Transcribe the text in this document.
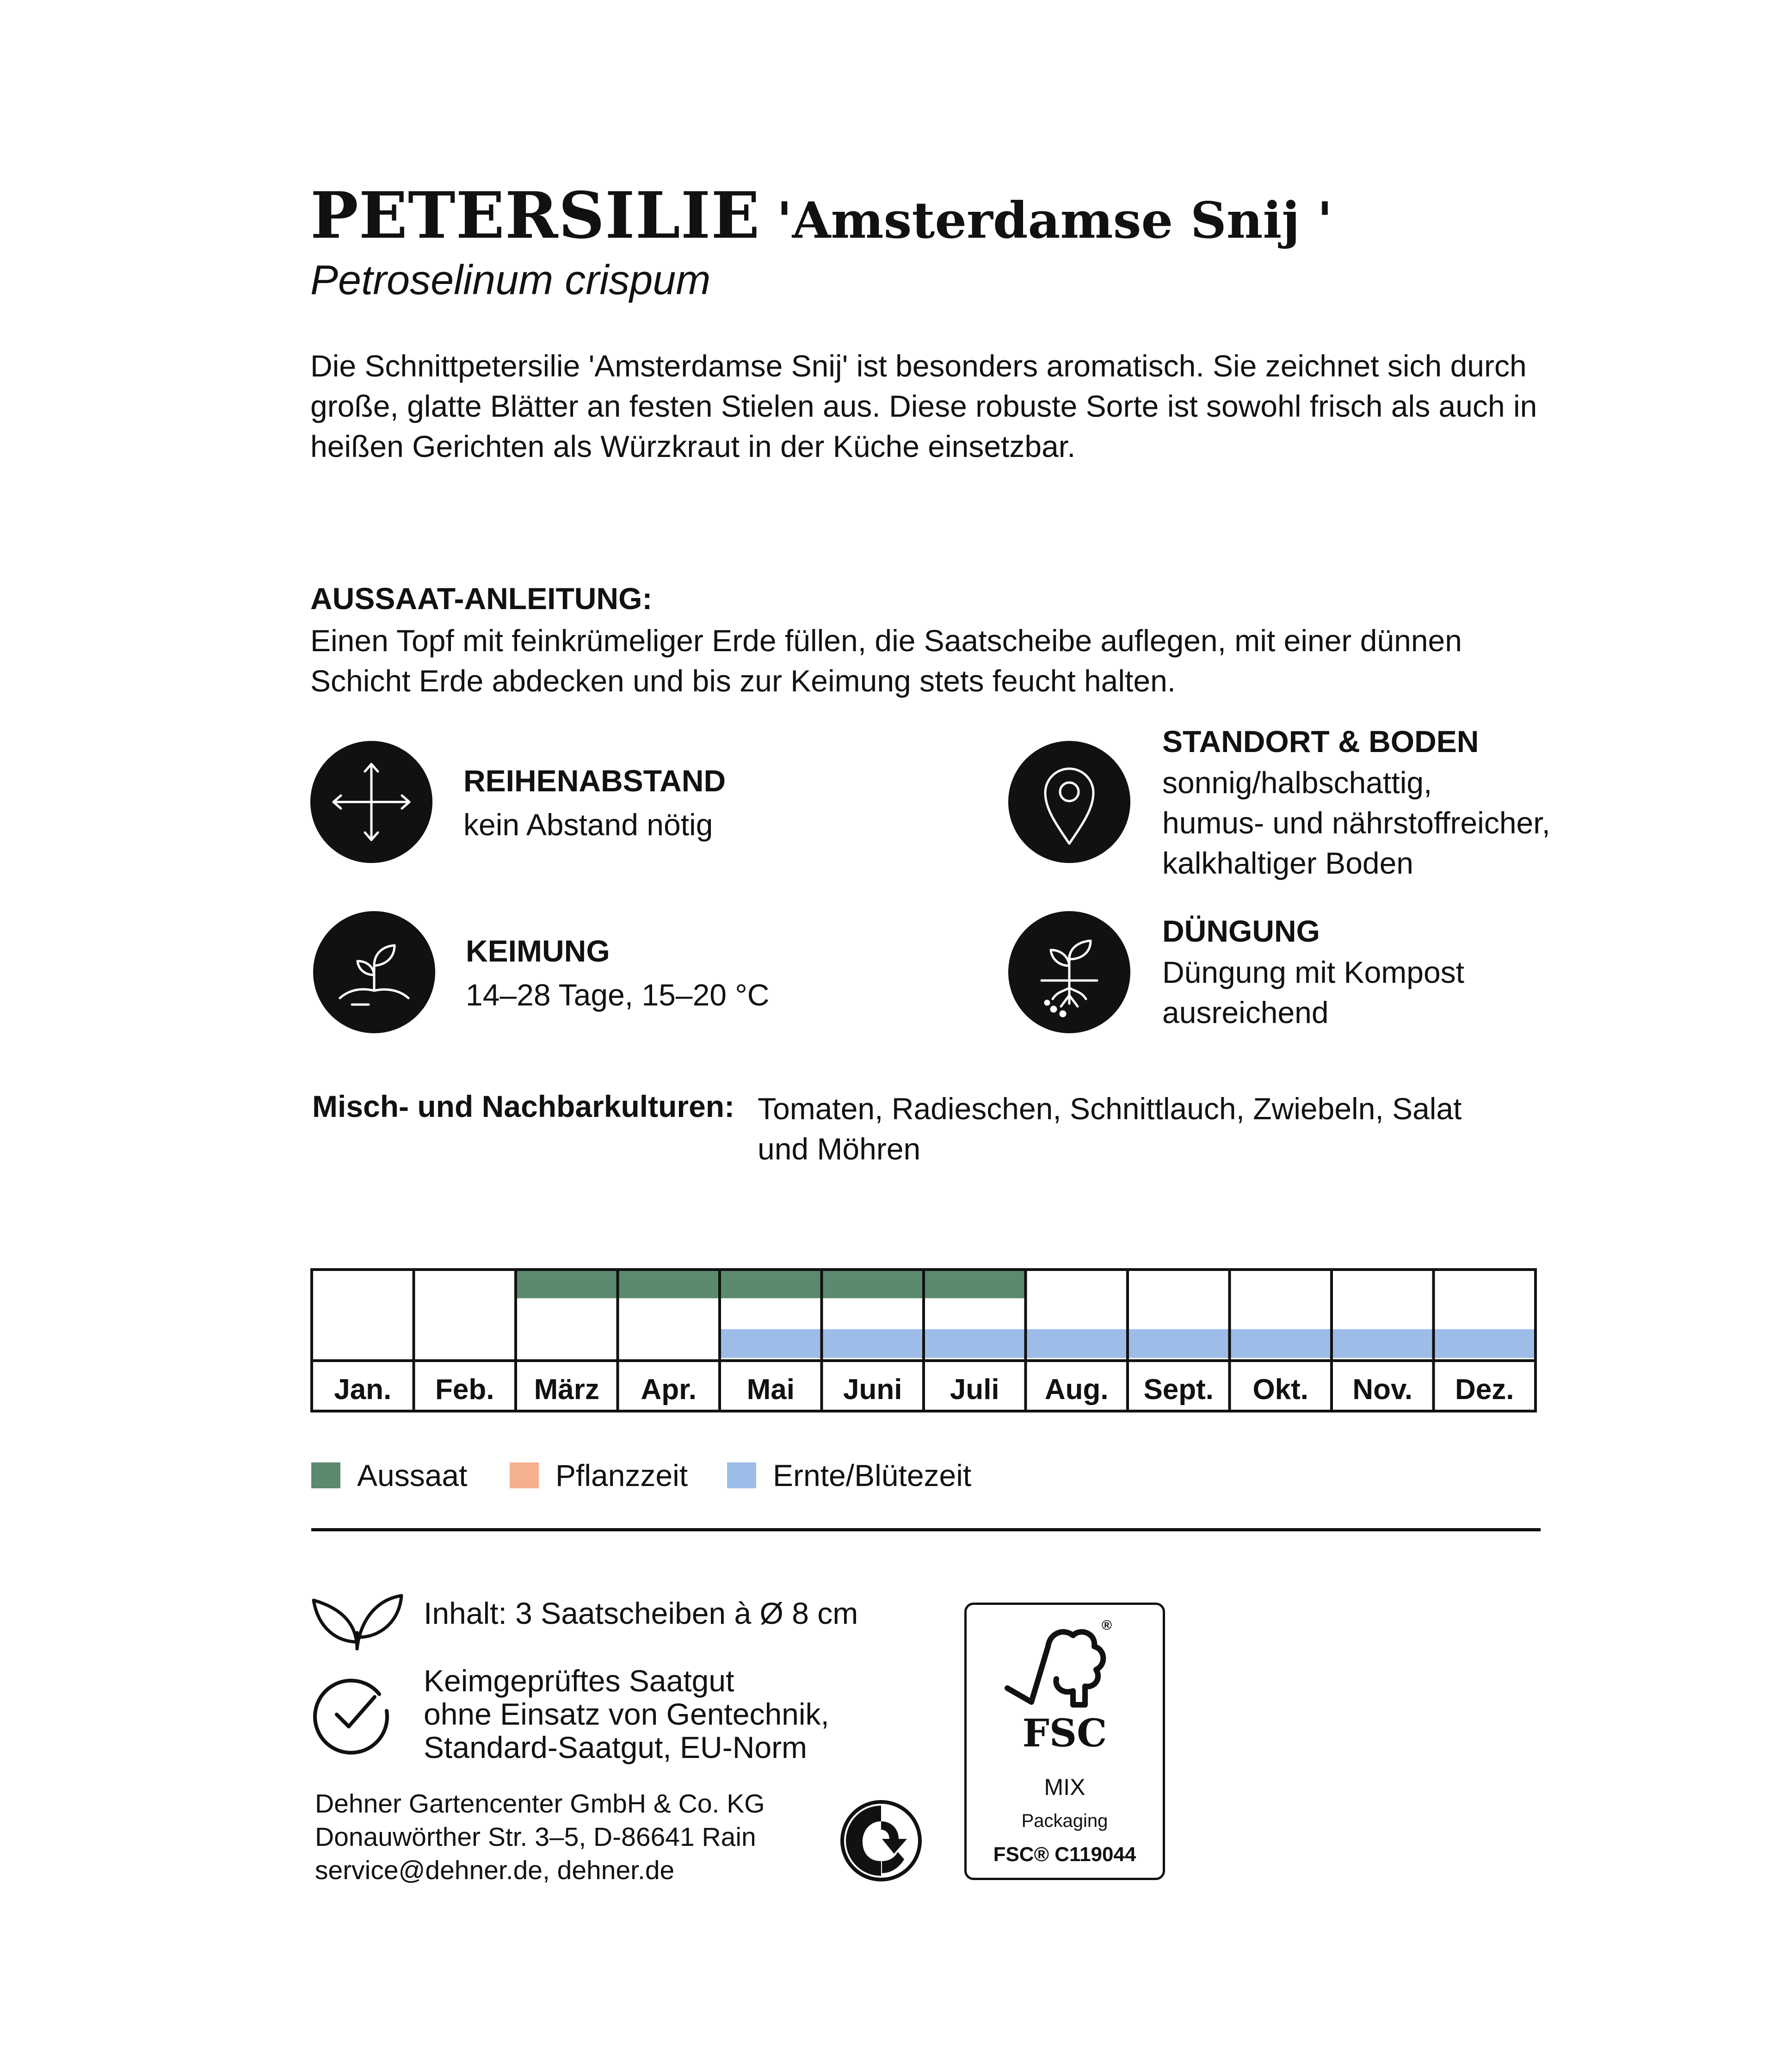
PETERSILIE 'Amsterdamse Snij '
Petroselinum crispum
Die Schnittpetersilie 'Amsterdamse Snij' ist besonders aromatisch. Sie zeichnet sich durch große, glatte Blätter an festen Stielen aus. Diese robuste Sorte ist sowohl frisch als auch in heißen Gerichten als Würzkraut in der Küche einsetzbar.
AUSSAAT-ANLEITUNG:
Einen Topf mit feinkrümeliger Erde füllen, die Saatscheibe auflegen, mit einer dünnen Schicht Erde abdecken und bis zur Keimung stets feucht halten.
REIHENABSTAND
kein Abstand nötig
STANDORT & BODEN
sonnig/halbschattig,
humus- und nährstoffreicher,
kalkhaltiger Boden
KEIMUNG
14–28 Tage, 15–20 °C
DÜNGUNG
Düngung mit Kompost
ausreichend
Misch- und Nachbarkulturen: Tomaten, Radieschen, Schnittlauch, Zwiebeln, Salat
und Möhren
Jan. Feb. März Apr. Mai Juni Juli Aug. Sept. Okt. Nov. Dez.
Aussaat	Pflanzzeit	Ernte/Blütezeit
Inhalt: 3 Saatscheiben à Ø 8 cm
Keimgeprüftes Saatgut
ohne Einsatz von Gentechnik,
Standard-Saatgut, EU-Norm
Dehner Gartencenter GmbH & Co. KG
Donauwörther Str. 3–5, D-86641 Rain
service@dehner.de, dehner.de
®
FSC
MIX
Packaging
FSC® C119044
